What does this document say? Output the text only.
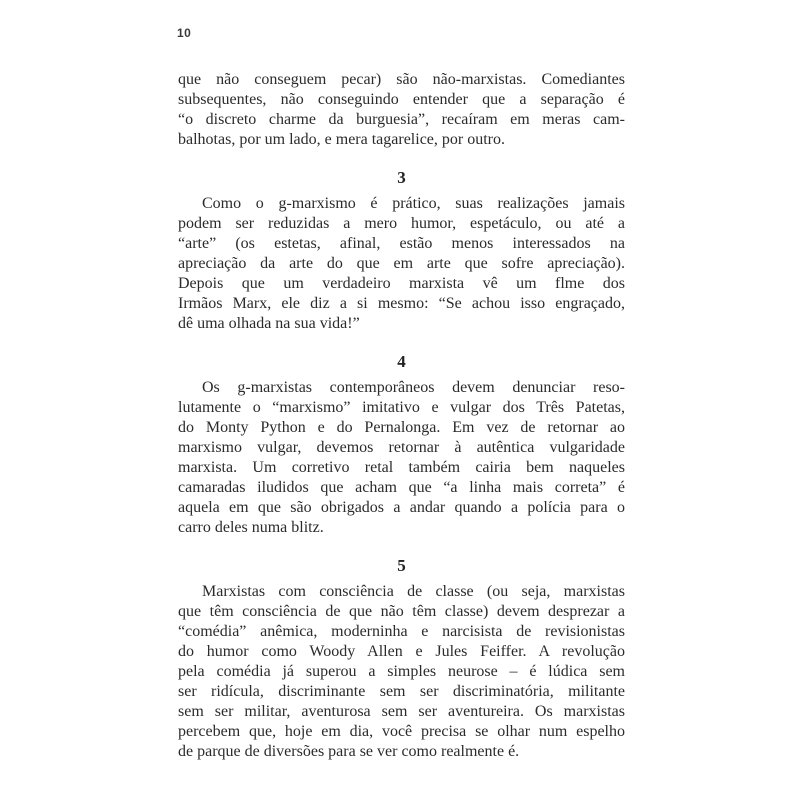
10
que não conseguem pecar) são não-marxistas. Comediantes
subsequentes, não conseguindo entender que a separação é
“o discreto charme da burguesia”, recaíram em meras cam-
balhotas, por um lado, e mera tagarelice, por outro.
3
Como o g-marxismo é prático, suas realizações jamais
podem ser reduzidas a mero humor, espetáculo, ou até a
“arte” (os estetas, afinal, estão menos interessados na
apreciação da arte do que em arte que sofre apreciação).
Depois que um verdadeiro marxista vê um flme dos
Irmãos Marx, ele diz a si mesmo: “Se achou isso engraçado,
dê uma olhada na sua vida!”
4
Os g-marxistas contemporâneos devem denunciar reso-
lutamente o “marxismo” imitativo e vulgar dos Três Patetas,
do Monty Python e do Pernalonga. Em vez de retornar ao
marxismo vulgar, devemos retornar à autêntica vulgaridade
marxista. Um corretivo retal também cairia bem naqueles
camaradas iludidos que acham que “a linha mais correta” é
aquela em que são obrigados a andar quando a polícia para o
carro deles numa blitz.
5
Marxistas com consciência de classe (ou seja, marxistas
que têm consciência de que não têm classe) devem desprezar a
“comédia” anêmica, moderninha e narcisista de revisionistas
do humor como Woody Allen e Jules Feiffer. A revolução
pela comédia já superou a simples neurose – é lúdica sem
ser ridícula, discriminante sem ser discriminatória, militante
sem ser militar, aventurosa sem ser aventureira. Os marxistas
percebem que, hoje em dia, você precisa se olhar num espelho
de parque de diversões para se ver como realmente é.
